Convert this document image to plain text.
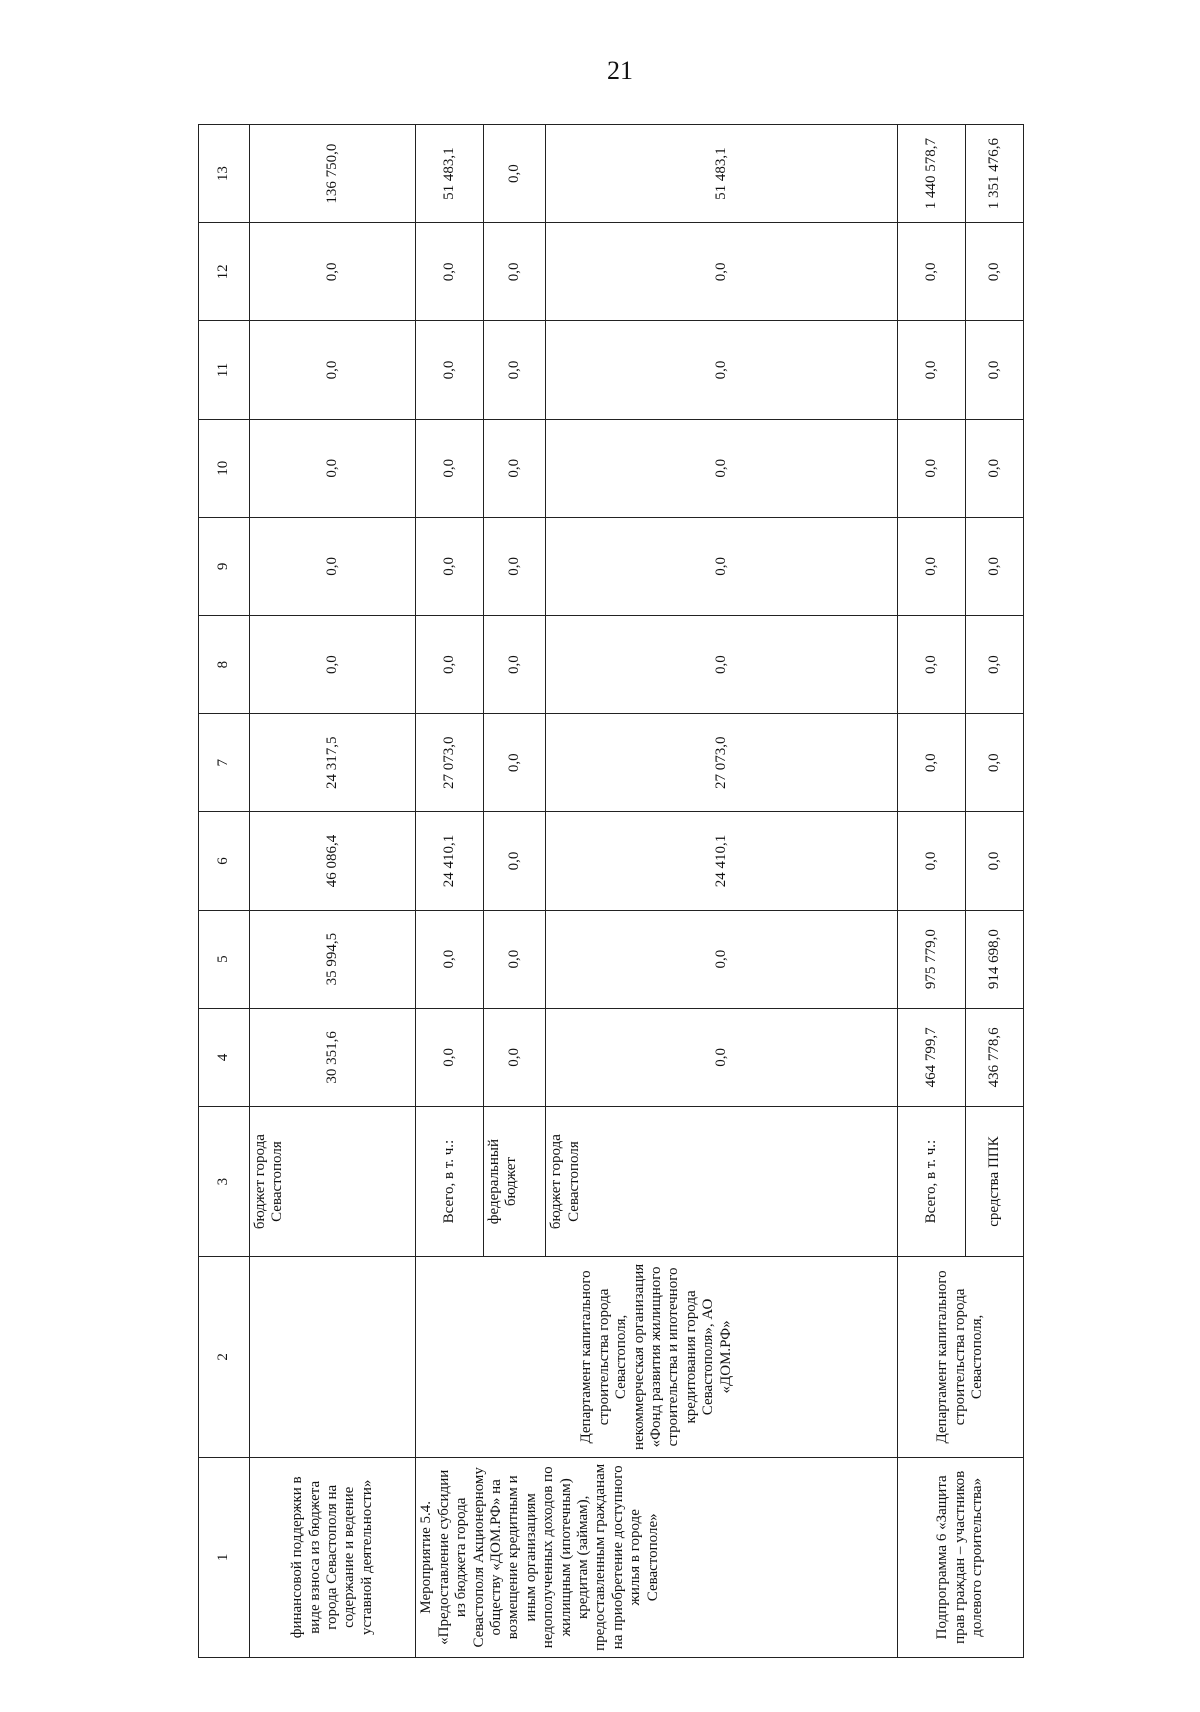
21
1	2	3	4	5	6	7	8	9	10	11	12	13
финансовой поддержки в виде взноса из бюджета города Севастополя на содержание и ведение уставной деятельности»		бюджет города Севастополя	30 351,6	35 994,5	46 086,4	24 317,5	0,0	0,0	0,0	0,0	0,0	136 750,0
Мероприятие 5.4. «Предоставление субсидии из бюджета города Севастополя Акционерному обществу «ДОМ.РФ» на возмещение кредитным и иным организациям недополученных доходов по жилищным (ипотечным) кредитам (займам), предоставленным гражданам на приобретение доступного жилья в городе Севастополе»	Департамент капитального строительства города Севастополя, некоммерческая организация «Фонд развития жилищного строительства и ипотечного кредитования города Севастополя», АО «ДОМ.РФ»	Всего, в т. ч.:	0,0	0,0	24 410,1	27 073,0	0,0	0,0	0,0	0,0	0,0	51 483,1
		федеральный бюджет	0,0	0,0	0,0	0,0	0,0	0,0	0,0	0,0	0,0	0,0
		бюджет города Севастополя	0,0	0,0	24 410,1	27 073,0	0,0	0,0	0,0	0,0	0,0	51 483,1
Подпрограмма 6 «Защита прав граждан – участников долевого строительства»	Департамент капитального строительства города Севастополя,	Всего, в т. ч.:	464 799,7	975 779,0	0,0	0,0	0,0	0,0	0,0	0,0	0,0	1 440 578,7
		средства ППК	436 778,6	914 698,0	0,0	0,0	0,0	0,0	0,0	0,0	0,0	1 351 476,6
